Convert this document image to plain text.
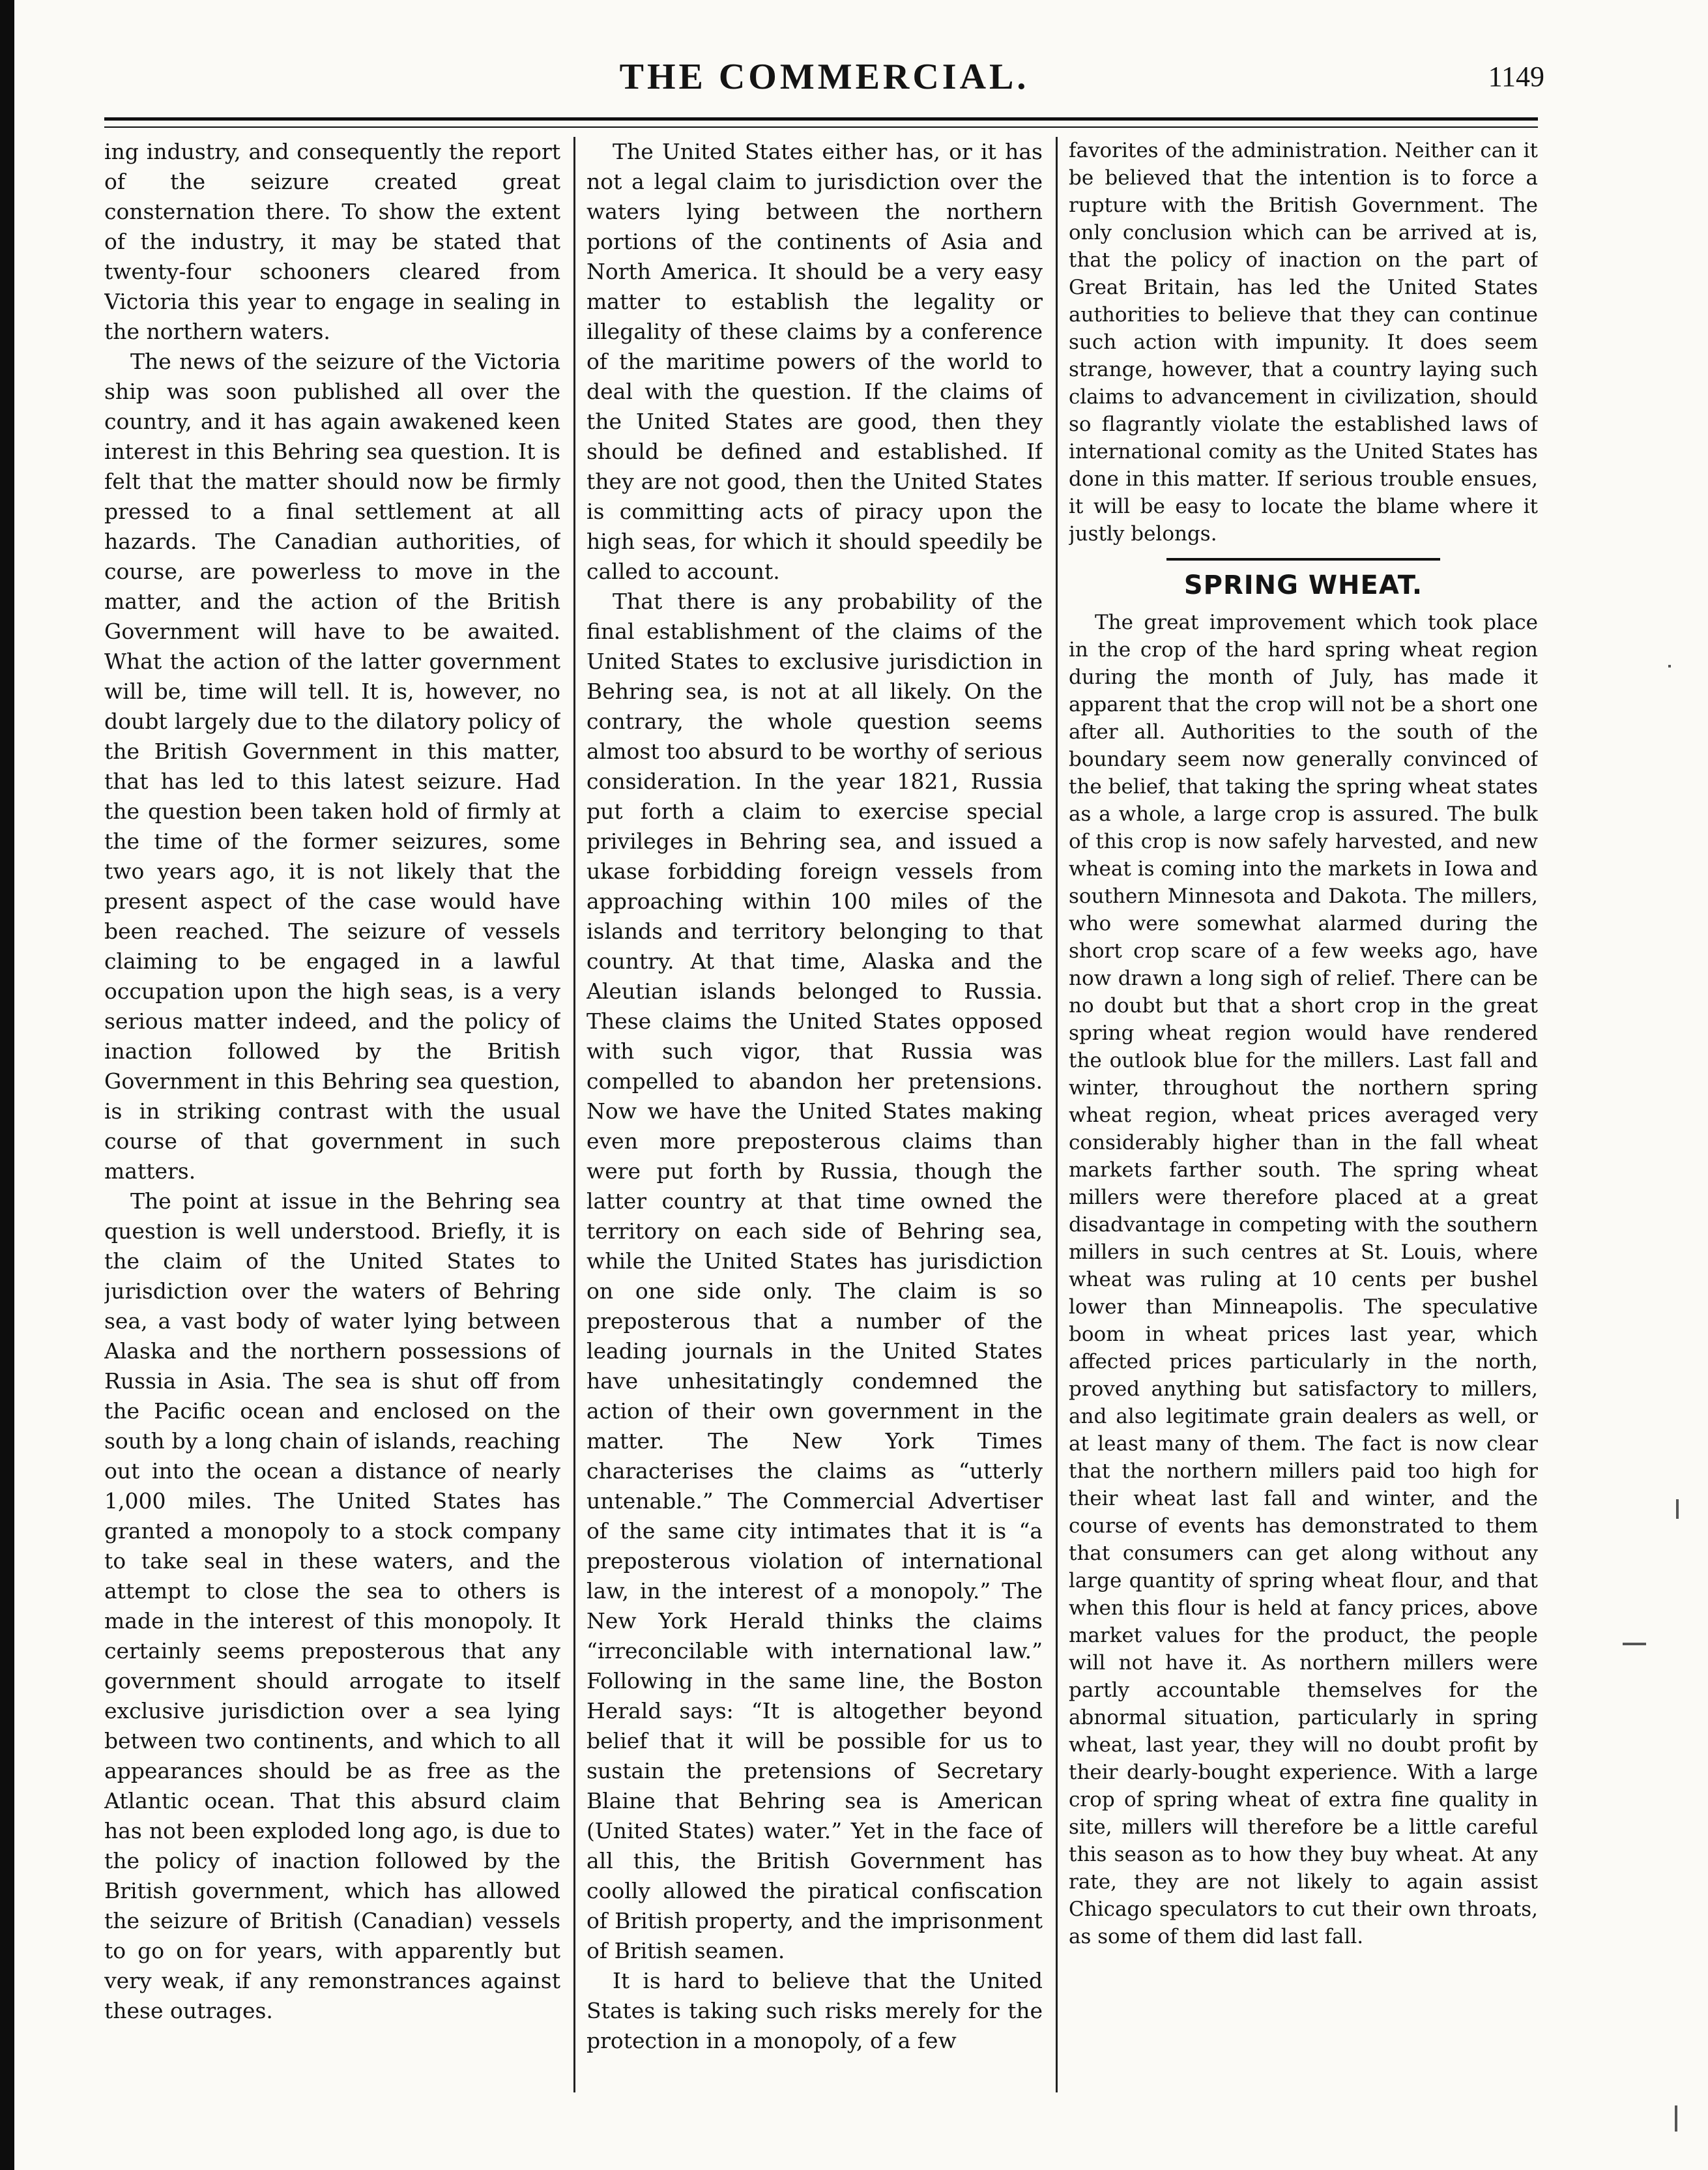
THE COMMERCIAL.	1149

ing industry, and consequently the report of the seizure created great consternation there. To show the extent of the industry, it may be stated that twenty-four schooners cleared from Victoria this year to engage in sealing in the northern waters.

The news of the seizure of the Victoria ship was soon published all over the country, and it has again awakened keen interest in this Behring sea question. It is felt that the matter should now be firmly pressed to a final settlement at all hazards. The Canadian authorities, of course, are powerless to move in the matter, and the action of the British Government will have to be awaited. What the action of the latter government will be, time will tell. It is, however, no doubt largely due to the dilatory policy of the British Government in this matter, that has led to this latest seizure. Had the question been taken hold of firmly at the time of the former seizures, some two years ago, it is not likely that the present aspect of the case would have been reached. The seizure of vessels claiming to be engaged in a lawful occupation upon the high seas, is a very serious matter indeed, and the policy of inaction followed by the British Government in this Behring sea question, is in striking contrast with the usual course of that government in such matters.

The point at issue in the Behring sea question is well understood. Briefly, it is the claim of the United States to jurisdiction over the waters of Behring sea, a vast body of water lying between Alaska and the northern possessions of Russia in Asia. The sea is shut off from the Pacific ocean and enclosed on the south by a long chain of islands, reaching out into the ocean a distance of nearly 1,000 miles. The United States has granted a monopoly to a stock company to take seal in these waters, and the attempt to close the sea to others is made in the interest of this monopoly. It certainly seems preposterous that any government should arrogate to itself exclusive jurisdiction over a sea lying between two continents, and which to all appearances should be as free as the Atlantic ocean. That this absurd claim has not been exploded long ago, is due to the policy of inaction followed by the British government, which has allowed the seizure of British (Canadian) vessels to go on for years, with apparently but very weak, if any remonstrances against these outrages.

The United States either has, or it has not a legal claim to jurisdiction over the waters lying between the northern portions of the continents of Asia and North America. It should be a very easy matter to establish the legality or illegality of these claims by a conference of the maritime powers of the world to deal with the question. If the claims of the United States are good, then they should be defined and established. If they are not good, then the United States is committing acts of piracy upon the high seas, for which it should speedily be called to account.

That there is any probability of the final establishment of the claims of the United States to exclusive jurisdiction in Behring sea, is not at all likely. On the contrary, the whole question seems almost too absurd to be worthy of serious consideration. In the year 1821, Russia put forth a claim to exercise special privileges in Behring sea, and issued a ukase forbidding foreign vessels from approaching within 100 miles of the islands and territory belonging to that country. At that time, Alaska and the Aleutian islands belonged to Russia. These claims the United States opposed with such vigor, that Russia was compelled to abandon her pretensions. Now we have the United States making even more preposterous claims than were put forth by Russia, though the latter country at that time owned the territory on each side of Behring sea, while the United States has jurisdiction on one side only. The claim is so preposterous that a number of the leading journals in the United States have unhesitatingly condemned the action of their own government in the matter. The New York Times characterises the claims as “utterly untenable.” The Commercial Advertiser of the same city intimates that it is “a preposterous violation of international law, in the interest of a monopoly.” The New York Herald thinks the claims “irreconcilable with international law.” Following in the same line, the Boston Herald says: “It is altogether beyond belief that it will be possible for us to sustain the pretensions of Secretary Blaine that Behring sea is American (United States) water.” Yet in the face of all this, the British Government has coolly allowed the piratical confiscation of British property, and the imprisonment of British seamen.

It is hard to believe that the United States is taking such risks merely for the protection in a monopoly, of a few

favorites of the administration. Neither can it be believed that the intention is to force a rupture with the British Government. The only conclusion which can be arrived at is, that the policy of inaction on the part of Great Britain, has led the United States authorities to believe that they can continue such action with impunity. It does seem strange, however, that a country laying such claims to advancement in civilization, should so flagrantly violate the established laws of international comity as the United States has done in this matter. If serious trouble ensues, it will be easy to locate the blame where it justly belongs.

SPRING WHEAT.

The great improvement which took place in the crop of the hard spring wheat region during the month of July, has made it apparent that the crop will not be a short one after all. Authorities to the south of the boundary seem now generally convinced of the belief, that taking the spring wheat states as a whole, a large crop is assured. The bulk of this crop is now safely harvested, and new wheat is coming into the markets in Iowa and southern Minnesota and Dakota. The millers, who were somewhat alarmed during the short crop scare of a few weeks ago, have now drawn a long sigh of relief. There can be no doubt but that a short crop in the great spring wheat region would have rendered the outlook blue for the millers. Last fall and winter, throughout the northern spring wheat region, wheat prices averaged very considerably higher than in the fall wheat markets farther south. The spring wheat millers were therefore placed at a great disadvantage in competing with the southern millers in such centres at St. Louis, where wheat was ruling at 10 cents per bushel lower than Minneapolis. The speculative boom in wheat prices last year, which affected prices particularly in the north, proved anything but satisfactory to millers, and also legitimate grain dealers as well, or at least many of them. The fact is now clear that the northern millers paid too high for their wheat last fall and winter, and the course of events has demonstrated to them that consumers can get along without any large quantity of spring wheat flour, and that when this flour is held at fancy prices, above market values for the product, the people will not have it. As northern millers were partly accountable themselves for the abnormal situation, particularly in spring wheat, last year, they will no doubt profit by their dearly-bought experience. With a large crop of spring wheat of extra fine quality in site, millers will therefore be a little careful this season as to how they buy wheat. At any rate, they are not likely to again assist Chicago speculators to cut their own throats, as some of them did last fall.
